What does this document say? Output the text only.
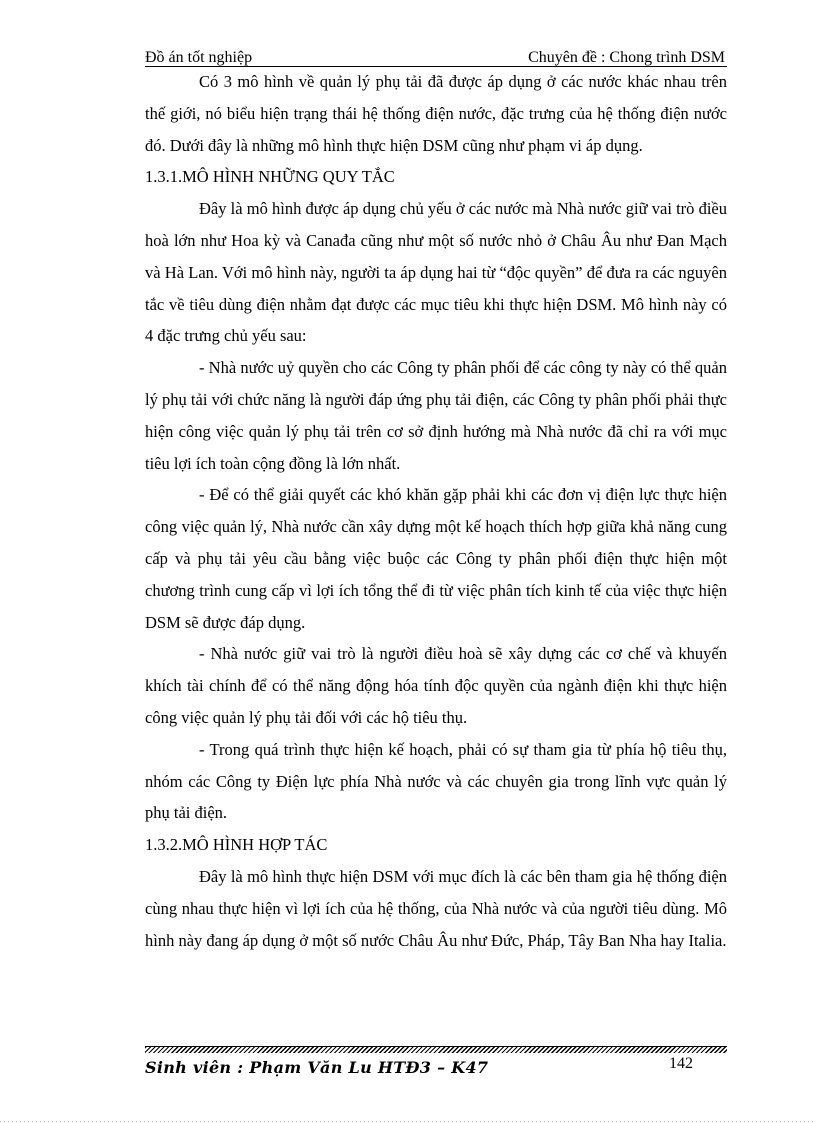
Đồ án tốt nghiệp	Chuyên đề : Chong trình DSM

Có 3 mô hình về quản lý phụ tải đã được áp dụng ở các nước khác nhau trên thế giới, nó biểu hiện trạng thái hệ thống điện nước, đặc trưng của hệ thống điện nước đó. Dưới đây là những mô hình thực hiện DSM cũng như phạm vi áp dụng.

1.3.1.MÔ HÌNH NHỮNG QUY TẮC

Đây là mô hình được áp dụng chủ yếu ở các nước mà Nhà nước giữ vai trò điều hoà lớn như Hoa kỳ và Canađa cũng như một số nước nhỏ ở Châu Âu như Đan Mạch và Hà Lan. Với mô hình này, người ta áp dụng hai từ “độc quyền” để đưa ra các nguyên tắc về tiêu dùng điện nhằm đạt được các mục tiêu khi thực hiện DSM. Mô hình này có 4 đặc trưng chủ yếu sau:

- Nhà nước uỷ quyền cho các Công ty phân phối để các công ty này có thể quản lý phụ tải với chức năng là người đáp ứng phụ tải điện, các Công ty phân phối phải thực hiện công việc quản lý phụ tải trên cơ sở định hướng mà Nhà nước đã chỉ ra với mục tiêu lợi ích toàn cộng đồng là lớn nhất.

- Để có thể giải quyết các khó khăn gặp phải khi các đơn vị điện lực thực hiện công việc quản lý, Nhà nước cần xây dựng một kế hoạch thích hợp giữa khả năng cung cấp và phụ tải yêu cầu bằng việc buộc các Công ty phân phối điện thực hiện một chương trình cung cấp vì lợi ích tổng thể đi từ việc phân tích kinh tế của việc thực hiện DSM sẽ được đáp dụng.

- Nhà nước giữ vai trò là người điều hoà sẽ xây dựng các cơ chế và khuyến khích tài chính để có thể năng động hóa tính độc quyền của ngành điện khi thực hiện công việc quản lý phụ tải đối với các hộ tiêu thụ.

- Trong quá trình thực hiện kế hoạch, phải có sự tham gia từ phía hộ tiêu thụ, nhóm các Công ty Điện lực phía Nhà nước và các chuyên gia trong lĩnh vực quản lý phụ tải điện.

1.3.2.MÔ HÌNH HỢP TÁC

Đây là mô hình thực hiện DSM với mục đích là các bên tham gia hệ thống điện cùng nhau thực hiện vì lợi ích của hệ thống, của Nhà nước và của người tiêu dùng. Mô hình này đang áp dụng ở một số nước Châu Âu như Đức, Pháp, Tây Ban Nha hay Italia.

Sinh viên : Phạm Văn Lu HTĐ3 – K47	142
